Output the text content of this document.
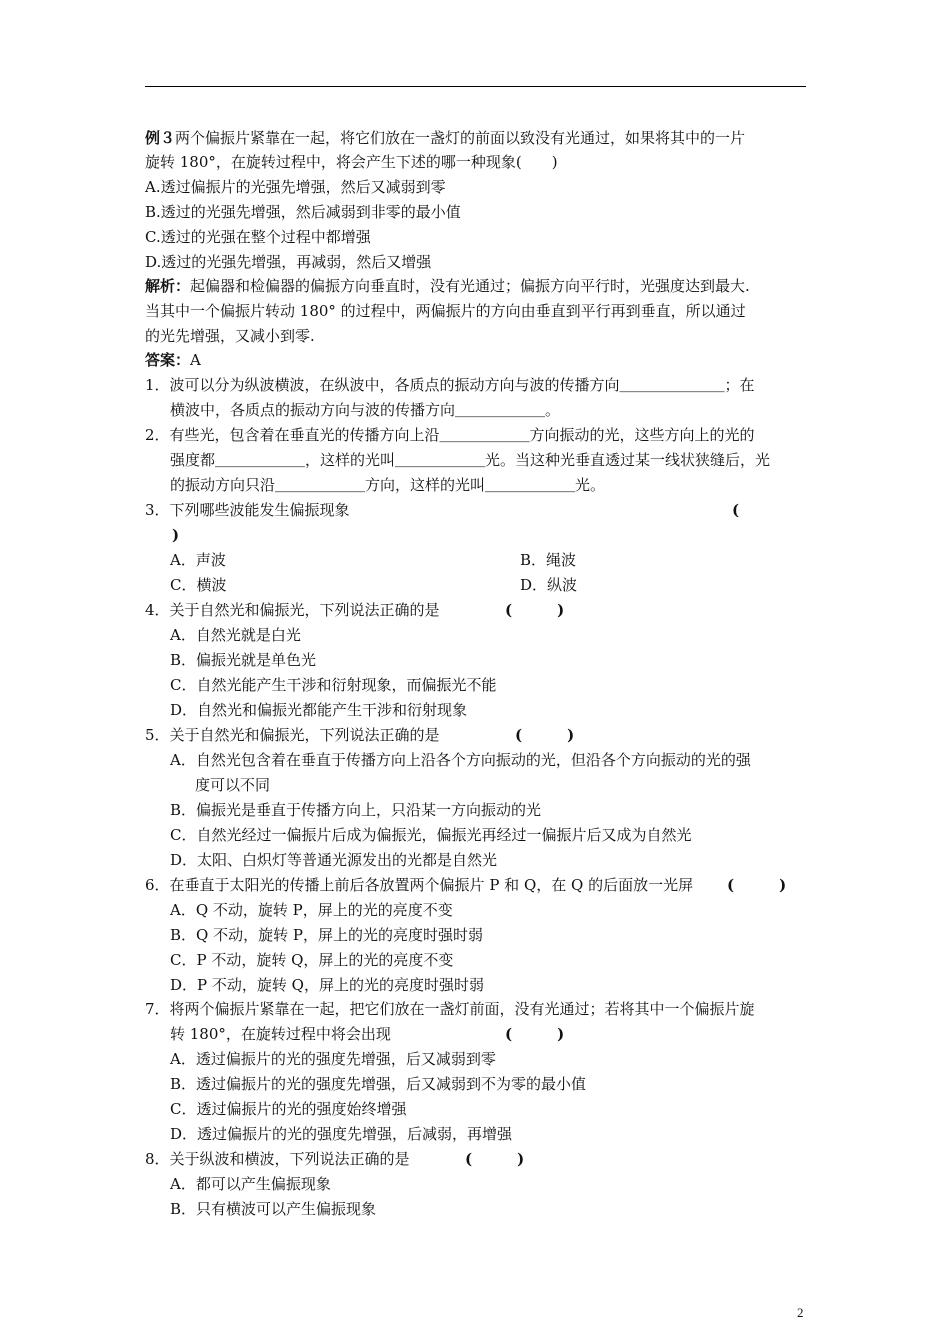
例３两个偏振片紧靠在一起，将它们放在一盏灯的前面以致没有光通过，如果将其中的一片
旋转 180°，在旋转过程中，将会产生下述的哪一种现象(　　)
A.透过偏振片的光强先增强，然后又减弱到零
B.透过的光强先增强，然后减弱到非零的最小值
C.透过的光强在整个过程中都增强
D.透过的光强先增强，再减弱，然后又增强
解析：起偏器和检偏器的偏振方向垂直时，没有光通过；偏振方向平行时，光强度达到最大.
当其中一个偏振片转动 180° 的过程中，两偏振片的方向由垂直到平行再到垂直，所以通过
的光先增强，又减小到零.
答案：A
1．波可以分为纵波横波，在纵波中，各质点的振动方向与波的传播方向＿＿＿＿＿＿＿；在
横波中，各质点的振动方向与波的传播方向＿＿＿＿＿＿。
2．有些光，包含着在垂直光的传播方向上沿＿＿＿＿＿＿方向振动的光，这些方向上的光的
强度都＿＿＿＿＿＿，这样的光叫＿＿＿＿＿＿光。当这种光垂直透过某一线状狭缝后，光
的振动方向只沿＿＿＿＿＿＿方向，这样的光叫＿＿＿＿＿＿光。
3．下列哪些波能发生偏振现象	(
)
A．声波	B．绳波
C．横波	D．纵波
4．关于自然光和偏振光，下列说法正确的是	(　　　)
A．自然光就是白光
B．偏振光就是单色光
C．自然光能产生干涉和衍射现象，而偏振光不能
D．自然光和偏振光都能产生干涉和衍射现象
5．关于自然光和偏振光，下列说法正确的是	(　　　)
A．自然光包含着在垂直于传播方向上沿各个方向振动的光，但沿各个方向振动的光的强
度可以不同
B．偏振光是垂直于传播方向上，只沿某一方向振动的光
C．自然光经过一偏振片后成为偏振光，偏振光再经过一偏振片后又成为自然光
D．太阳、白炽灯等普通光源发出的光都是自然光
6．在垂直于太阳光的传播上前后各放置两个偏振片 P 和 Q，在 Q 的后面放一光屏 (　　　)
A．Q 不动，旋转 P，屏上的光的亮度不变
B．Q 不动，旋转 P，屏上的光的亮度时强时弱
C．P 不动，旋转 Q，屏上的光的亮度不变
D．P 不动，旋转 Q，屏上的光的亮度时强时弱
7．将两个偏振片紧靠在一起，把它们放在一盏灯前面，没有光通过；若将其中一个偏振片旋
转 180°，在旋转过程中将会出现	(　　　)
A．透过偏振片的光的强度先增强，后又减弱到零
B．透过偏振片的光的强度先增强，后又减弱到不为零的最小值
C．透过偏振片的光的强度始终增强
D．透过偏振片的光的强度先增强，后减弱，再增强
8．关于纵波和横波，下列说法正确的是	(　　　)
A．都可以产生偏振现象
B．只有横波可以产生偏振现象
2
